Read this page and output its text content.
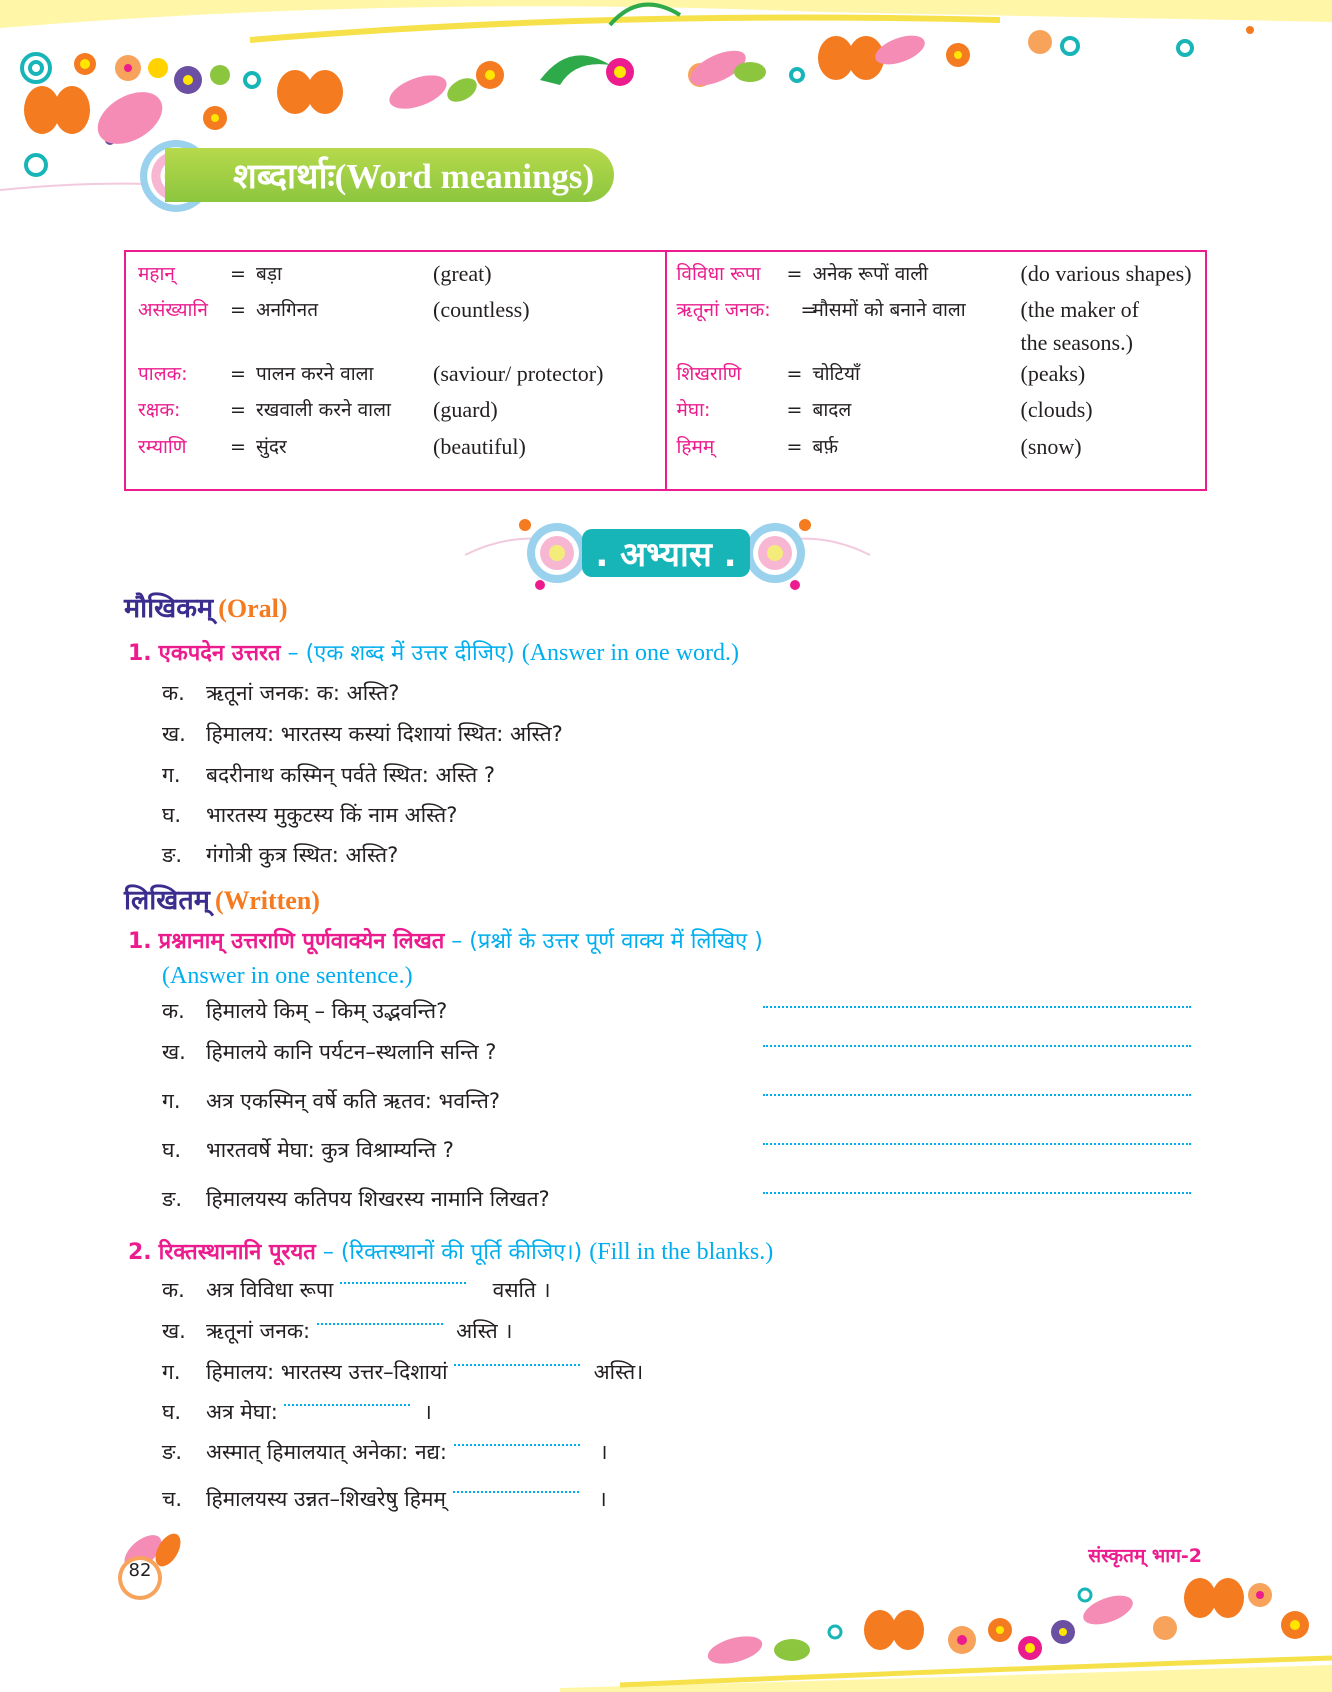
शब्दार्थाः(Word meanings)
महान्	= बड़ा	(great)
असंख्यानि = अनगिनत	(countless)
पालक: = पालन करने वाला	(saviour/ protector)
रक्षक:	= रखवाली करने वाला (guard)
रम्याणि = सुंदर	(beautiful)
विविधा रूपा = अनेक रूपों वाली	(do various shapes)
ऋतूनां जनक: =
मौसमों को बनाने वाला (the maker of
the seasons.)
शिखराणि = चोटियाँ	(peaks)
मेघा:	= बादल	(clouds)
हिमम्	= बर्फ़	(snow)
. अभ्यास .
मौखिकम् (Oral)
1. एकपदेन उत्तरत – (एक शब्द में उत्तर दीजिए) (Answer in one word.)
क. ऋतूनां जनक: क: अस्ति?
ख. हिमालय: भारतस्य कस्यां दिशायां स्थित: अस्ति?
ग. बदरीनाथ कस्मिन् पर्वते स्थित: अस्ति ?
घ. भारतस्य मुकुटस्य किं नाम अस्ति?
ङ. गंगोत्री कुत्र स्थित: अस्ति?
लिखितम् (Written)
1. प्रश्नानाम् उत्तराणि पूर्णवाक्येन लिखत – (प्रश्नों के उत्तर पूर्ण वाक्य में लिखिए )
(Answer in one sentence.)
क. हिमालये किम् – किम् उद्भवन्ति?
ख. हिमालये कानि पर्यटन–स्थलानि सन्ति ?
ग. अत्र एकस्मिन् वर्षे कति ऋतव: भवन्ति?
घ. भारतवर्षे मेघा: कुत्र विश्राम्यन्ति ?
ङ. हिमालयस्य कतिपय शिखरस्य नामानि लिखत?
2. रिक्तस्थानानि पूरयत – (रिक्तस्थानों की पूर्ति कीजिए।) (Fill in the blanks.)
क. अत्र विविधा रूपा	वसति ।
ख. ऋतूनां जनक:	अस्ति ।
ग. हिमालय: भारतस्य उत्तर–दिशायां	अस्ति।
घ. अत्र मेघा:	।
ङ. अस्मात् हिमालयात् अनेका: नद्य:	।
च. हिमालयस्य उन्नत–शिखरेषु हिमम्	।
82
संस्कृतम् भाग-2
